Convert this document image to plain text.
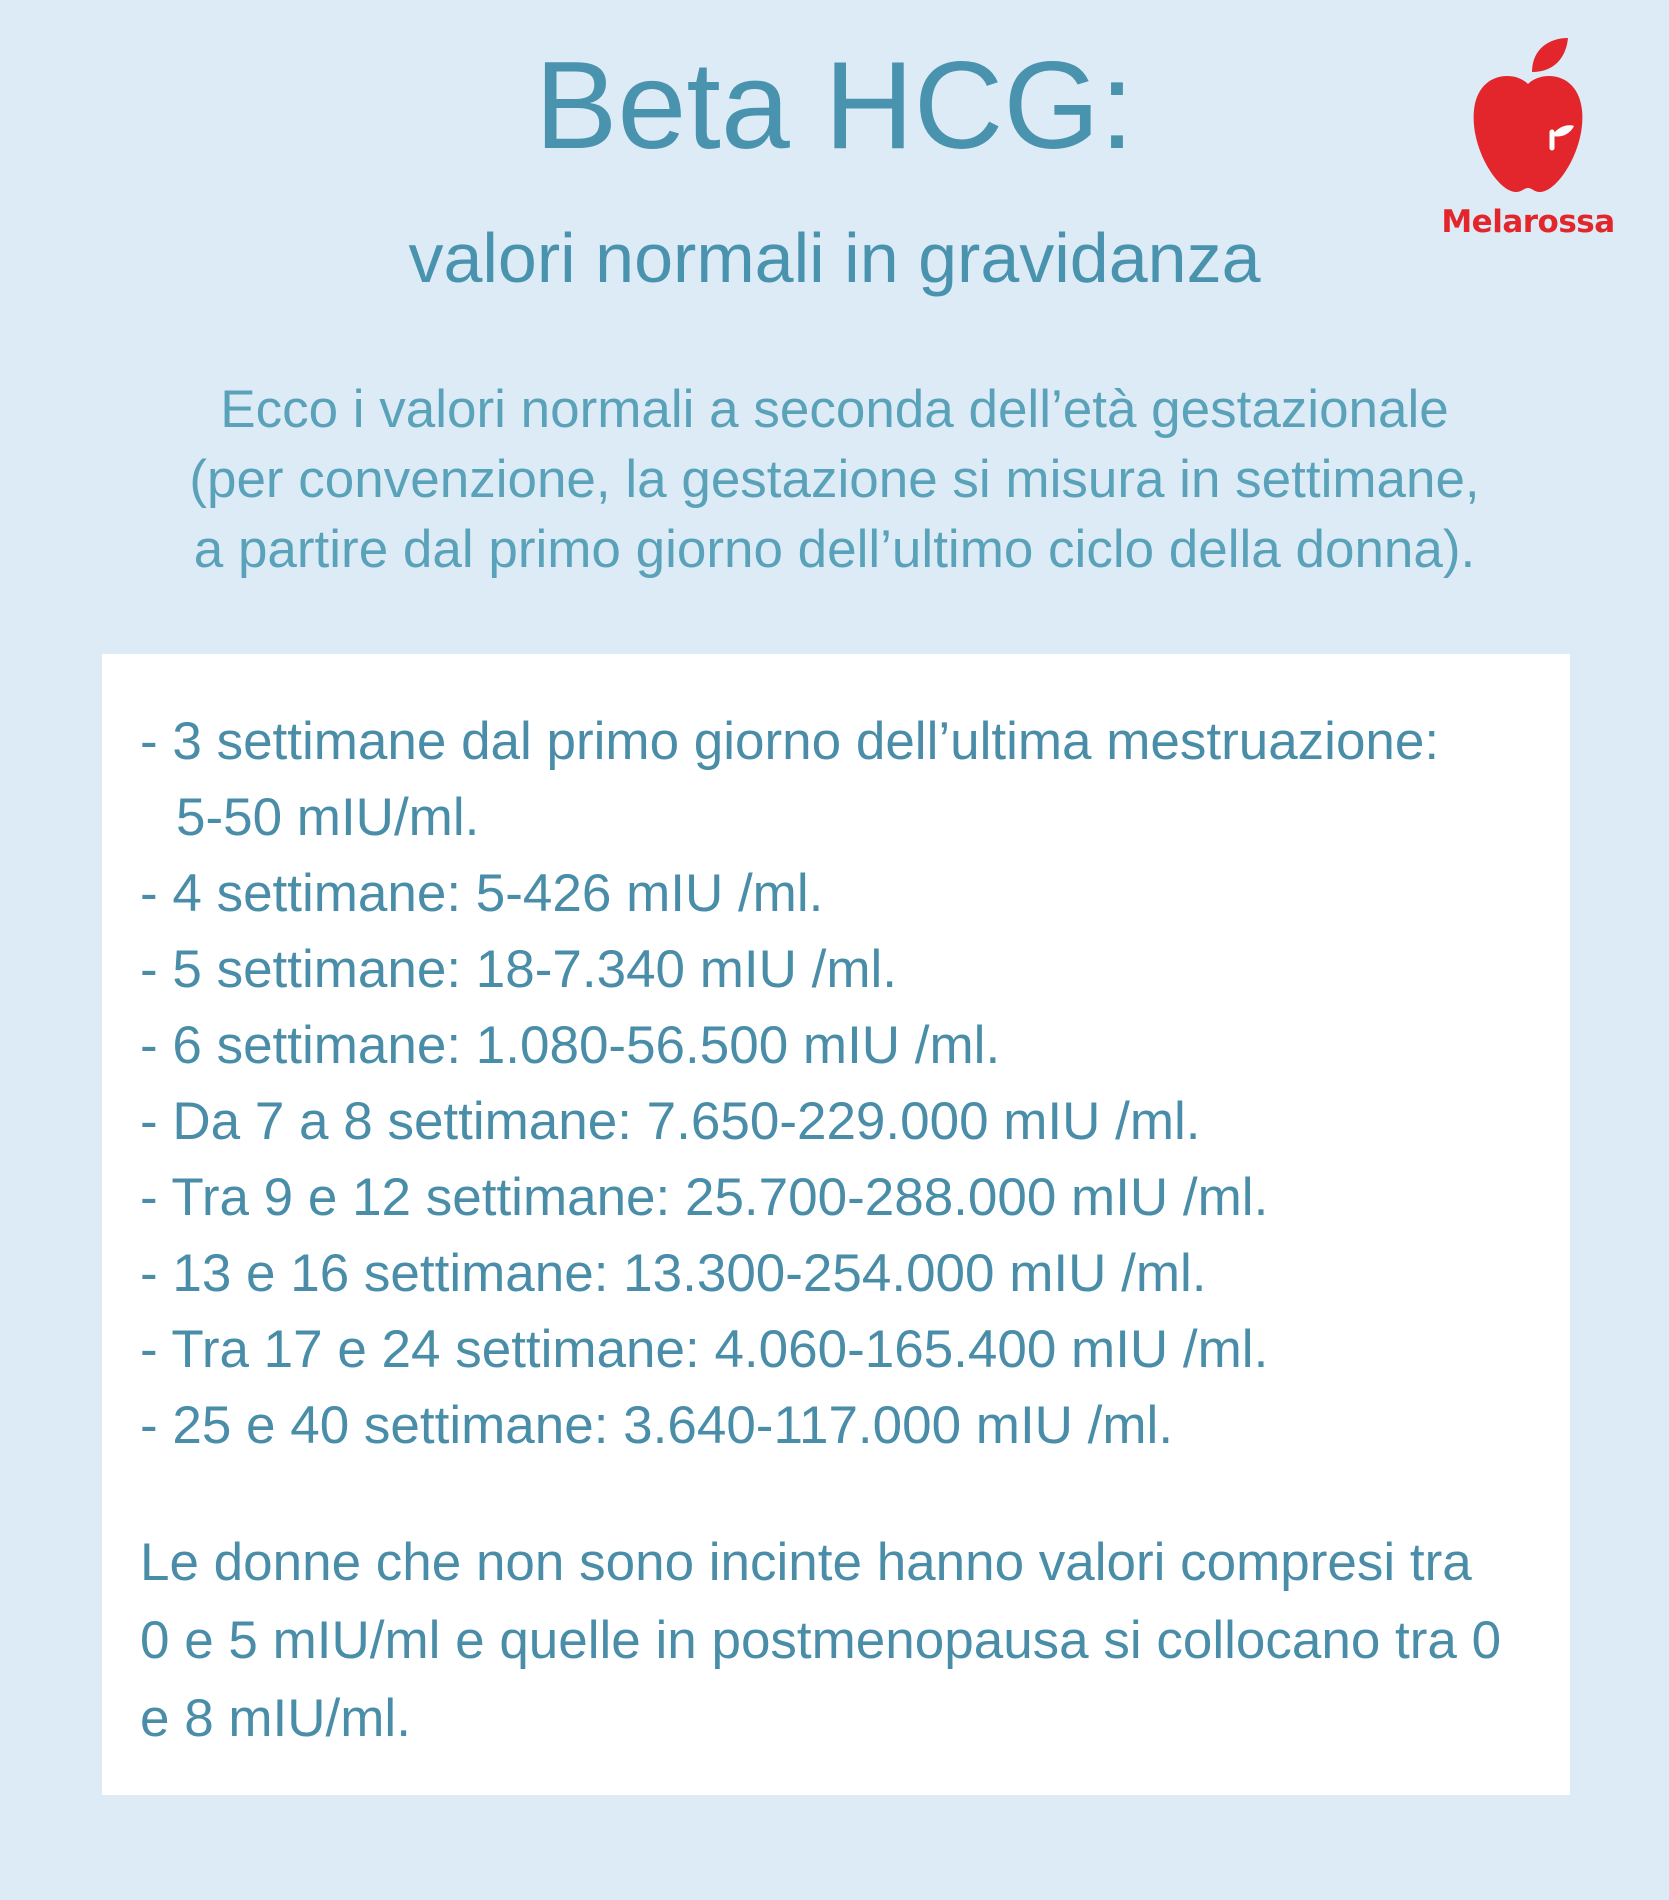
Beta HCG:
valori normali in gravidanza	Melarossa
Ecco i valori normali a seconda dell’età gestazionale
(per convenzione, la gestazione si misura in settimane,
a partire dal primo giorno dell’ultimo ciclo della donna).
- 3 settimane dal primo giorno dell’ultima mestruazione:
5-50 mIU/ml.
- 4 settimane: 5-426 mIU /ml.
- 5 settimane: 18-7.340 mIU /ml.
- 6 settimane: 1.080-56.500 mIU /ml.
- Da 7 a 8 settimane: 7.650-229.000 mIU /ml.
- Tra 9 e 12 settimane: 25.700-288.000 mIU /ml.
- 13 e 16 settimane: 13.300-254.000 mIU /ml.
- Tra 17 e 24 settimane: 4.060-165.400 mIU /ml.
- 25 e 40 settimane: 3.640-117.000 mIU /ml.
Le donne che non sono incinte hanno valori compresi tra
0 e 5 mIU/ml e quelle in postmenopausa si collocano tra 0
e 8 mIU/ml.
